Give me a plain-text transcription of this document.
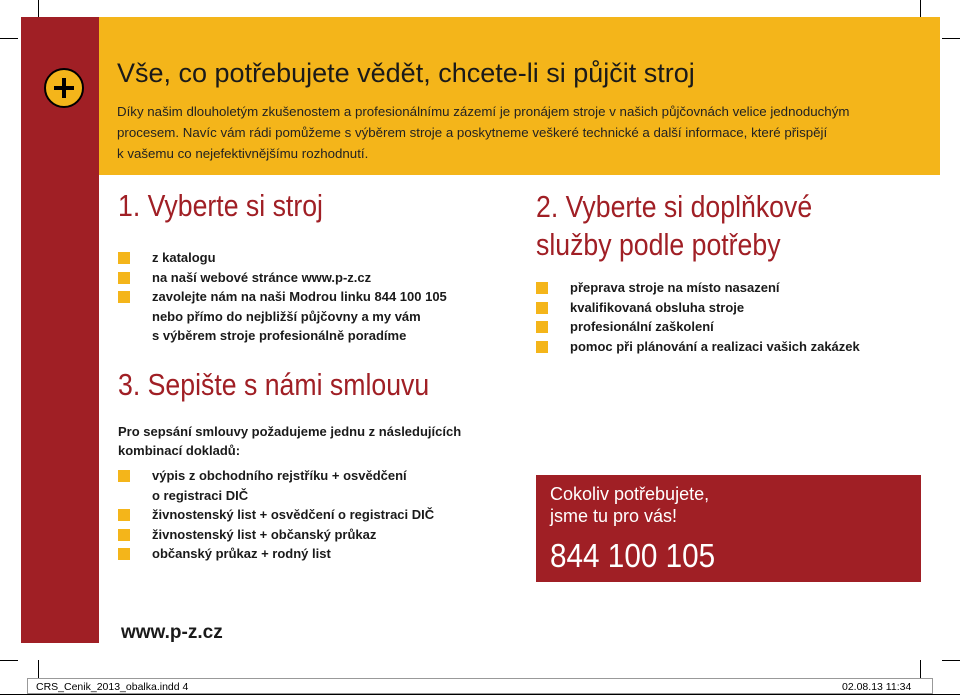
Vše, co potřebujete vědět, chcete-li si půjčit stroj
Díky našim dlouholetým zkušenostem a profesionálnímu zázemí je pronájem stroje v našich půjčovnách velice jednoduchým
procesem. Navíc vám rádi pomůžeme s výběrem stroje a poskytneme veškeré technické a další informace, které přispějí
k vašemu co nejefektivnějšímu rozhodnutí.
1. Vyberte si stroj
z katalogu
na naší webové stránce www.p-z.cz
zavolejte nám na naši Modrou linku 844 100 105
nebo přímo do nejbližší půjčovny a my vám
s výběrem stroje profesionálně poradíme
2. Vyberte si doplňkové
služby podle potřeby
přeprava stroje na místo nasazení
kvalifikovaná obsluha stroje
profesionální zaškolení
pomoc při plánování a realizaci vašich zakázek
3. Sepište s námi smlouvu
Pro sepsání smlouvy požadujeme jednu z následujících
kombinací dokladů:
výpis z obchodního rejstříku + osvědčení
o registraci DIČ
živnostenský list + osvědčení o registraci DIČ
živnostenský list + občanský průkaz
občanský průkaz + rodný list
Cokoliv potřebujete,
jsme tu pro vás!
844 100 105
www.p-z.cz
CRS_Cenik_2013_obalka.indd 4	02.08.13 11:34
